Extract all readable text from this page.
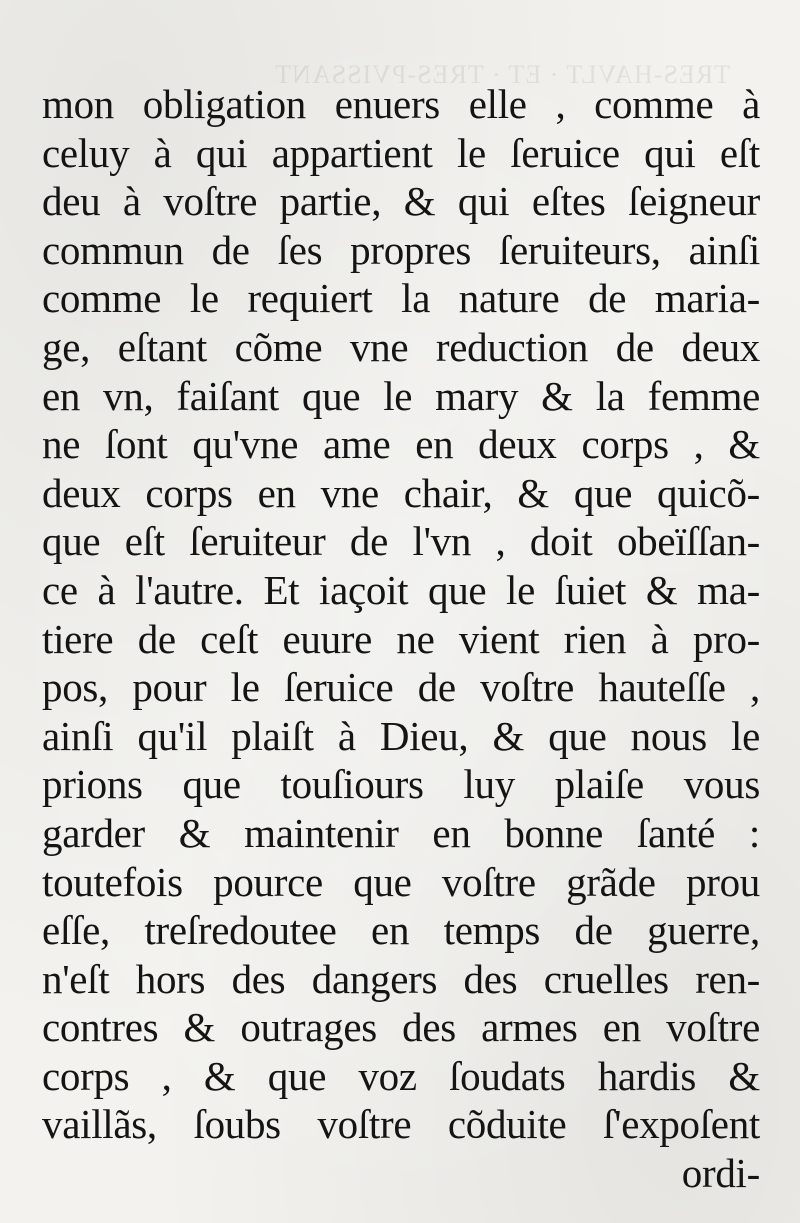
TRES-HAVLT · ET · TRES-PVISSANT
mon obligation enuers elle , comme à
celuy à qui appartient le ſeruice qui eſt
deu à voſtre partie, & qui eſtes ſeigneur
commun de ſes propres ſeruiteurs, ainſi
comme le requiert la nature de maria-
ge, eſtant cõme vne reduction de deux
en vn, faiſant que le mary & la femme
ne ſont qu'vne ame en deux corps , &
deux corps en vne chair, & que quicõ-
que eſt ſeruiteur de l'vn , doit obeïſſan-
ce à l'autre. Et iaçoit que le ſuiet & ma-
tiere de ceſt euure ne vient rien à pro-
pos, pour le ſeruice de voſtre hauteſſe ,
ainſi qu'il plaiſt à Dieu, & que nous le
prions que touſiours luy plaiſe vous
garder & maintenir en bonne ſanté :
toutefois pource que voſtre grãde prou
eſſe, treſredoutee en temps de guerre,
n'eſt hors des dangers des cruelles ren-
contres & outrages des armes en voſtre
corps , & que voz ſoudats hardis &
vaillãs, ſoubs voſtre cõduite ſ'expoſent
ordi-
